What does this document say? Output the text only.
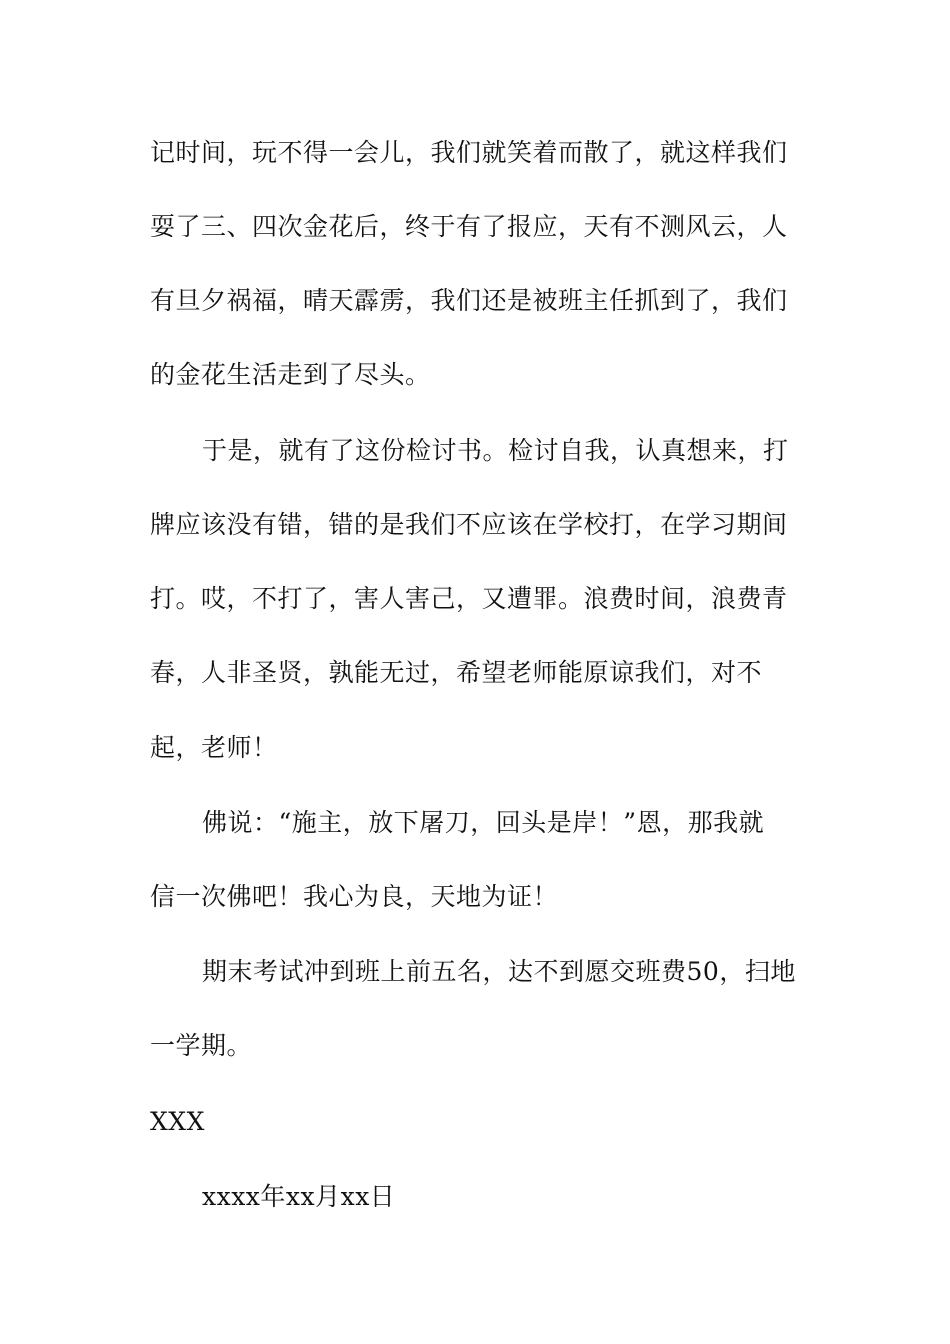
记时间，玩不得一会儿，我们就笑着而散了，就这样我们
耍了三、四次金花后，终于有了报应，天有不测风云，人
有旦夕祸福，晴天霹雳，我们还是被班主任抓到了，我们
的金花生活走到了尽头。
于是，就有了这份检讨书。检讨自我，认真想来，打
牌应该没有错，错的是我们不应该在学校打，在学习期间
打。哎，不打了，害人害己，又遭罪。浪费时间，浪费青
春，人非圣贤，孰能无过，希望老师能原谅我们，对不
起，老师！
佛说：“施主，放下屠刀，回头是岸！”恩，那我就
信一次佛吧！我心为良，天地为证！
期末考试冲到班上前五名，达不到愿交班费50，扫地
一学期。
XXX
xxxx年xx月xx日
